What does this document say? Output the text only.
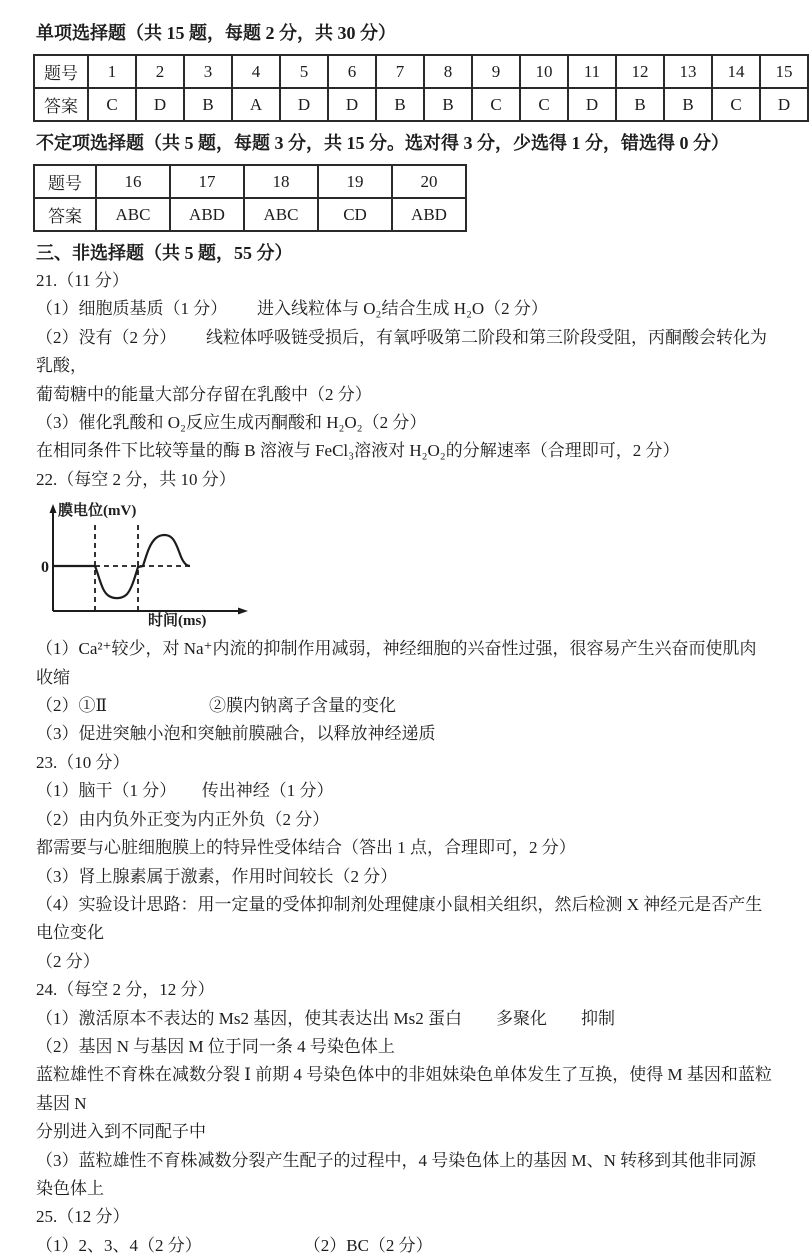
单项选择题（共 15 题，每题 2 分，共 30 分）
题号	1	2	3	4	5	6	7	8	9	10	11	12	13	14	15
答案	C	D	B	A	D	D	B	B	C	C	D	B	B	C	D
不定项选择题（共 5 题，每题 3 分，共 15 分。选对得 3 分，少选得 1 分，错选得 0 分）
题号	16	17	18	19	20
答案	ABC	ABD	ABC	CD	ABD
三、非选择题（共 5 题，55 分）
21.（11 分）
（1）细胞质基质（1 分）　　 进入线粒体与 O₂结合生成 H₂O（2 分）
（2）没有（2 分）　　 线粒体呼吸链受损后，有氧呼吸第二阶段和第三阶段受阻，丙酮酸会转化为乳酸，
葡萄糖中的能量大部分存留在乳酸中（2 分）
（3）催化乳酸和 O₂反应生成丙酮酸和 H₂O₂（2 分）
在相同条件下比较等量的酶 B 溶液与 FeCl₃溶液对 H₂O₂的分解速率（合理即可，2 分）
22.（每空 2 分，共 10 分）
膜电位(mV)
0
时间(ms)
（1）Ca²⁺较少，对 Na⁺内流的抑制作用减弱，神经细胞的兴奋性过强，很容易产生兴奋而使肌肉收缩
（2）①Ⅱ　　　　　　②膜内钠离子含量的变化
（3）促进突触小泡和突触前膜融合，以释放神经递质
23.（10 分）
（1）脑干（1 分）　　传出神经（1 分）
（2）由内负外正变为内正外负（2 分）
都需要与心脏细胞膜上的特异性受体结合（答出 1 点，合理即可，2 分）
（3）肾上腺素属于激素，作用时间较长（2 分）
（4）实验设计思路：用一定量的受体抑制剂处理健康小鼠相关组织，然后检测 X 神经元是否产生电位变化
（2 分）
24.（每空 2 分，12 分）
（1）激活原本不表达的 Ms2 基因，使其表达出 Ms2 蛋白　　多聚化　　抑制
（2）基因 N 与基因 M 位于同一条 4 号染色体上
蓝粒雄性不育株在减数分裂 Ⅰ 前期 4 号染色体中的非姐妹染色单体发生了互换，使得 M 基因和蓝粒基因 N
分别进入到不同配子中
（3）蓝粒雄性不育株减数分裂产生配子的过程中，4 号染色体上的基因 M、N 转移到其他非同源染色体上
25.（12 分）
（1）2、3、4（2 分）　　　　　　　（2）BC（2 分）
